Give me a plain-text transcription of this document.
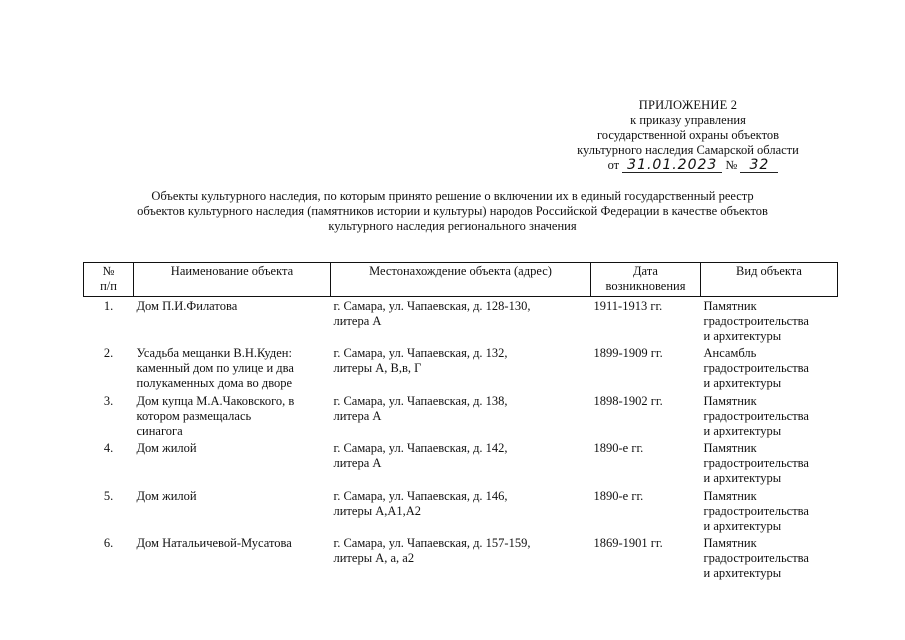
ПРИЛОЖЕНИЕ 2
к приказу управления
государственной охраны объектов
культурного наследия Самарской области
от 31.01.2023 № 32
Объекты культурного наследия, по которым принято решение о включении их в единый государственный реестр
объектов культурного наследия (памятников истории и культуры) народов Российской Федерации в качестве объектов
культурного наследия регионального значения
№
п/п	Наименование объекта	Местонахождение объекта (адрес)	Дата
возникновения	Вид объекта
1.	Дом П.И.Филатова	г. Самара, ул. Чапаевская, д. 128-130,
литера А	1911-1913 гг.	Памятник
градостроительства
и архитектуры
2.	Усадьба мещанки В.Н.Куден:
каменный дом по улице и два
полукаменных дома во дворе	г. Самара, ул. Чапаевская, д. 132,
литеры А, В,в, Г	1899-1909 гг.	Ансамбль
градостроительства
и архитектуры
3.	Дом купца М.А.Чаковского, в
котором размещалась
синагога	г. Самара, ул. Чапаевская, д. 138,
литера А	1898-1902 гг.	Памятник
градостроительства
и архитектуры
4.	Дом жилой	г. Самара, ул. Чапаевская, д. 142,
литера А	1890-е гг.	Памятник
градостроительства
и архитектуры
5.	Дом жилой	г. Самара, ул. Чапаевская, д. 146,
литеры А,А1,А2	1890-е гг.	Памятник
градостроительства
и архитектуры
6.	Дом Натальичевой-Мусатова	г. Самара, ул. Чапаевская, д. 157-159,
литеры А, а, а2	1869-1901 гг.	Памятник
градостроительства
и архитектуры
